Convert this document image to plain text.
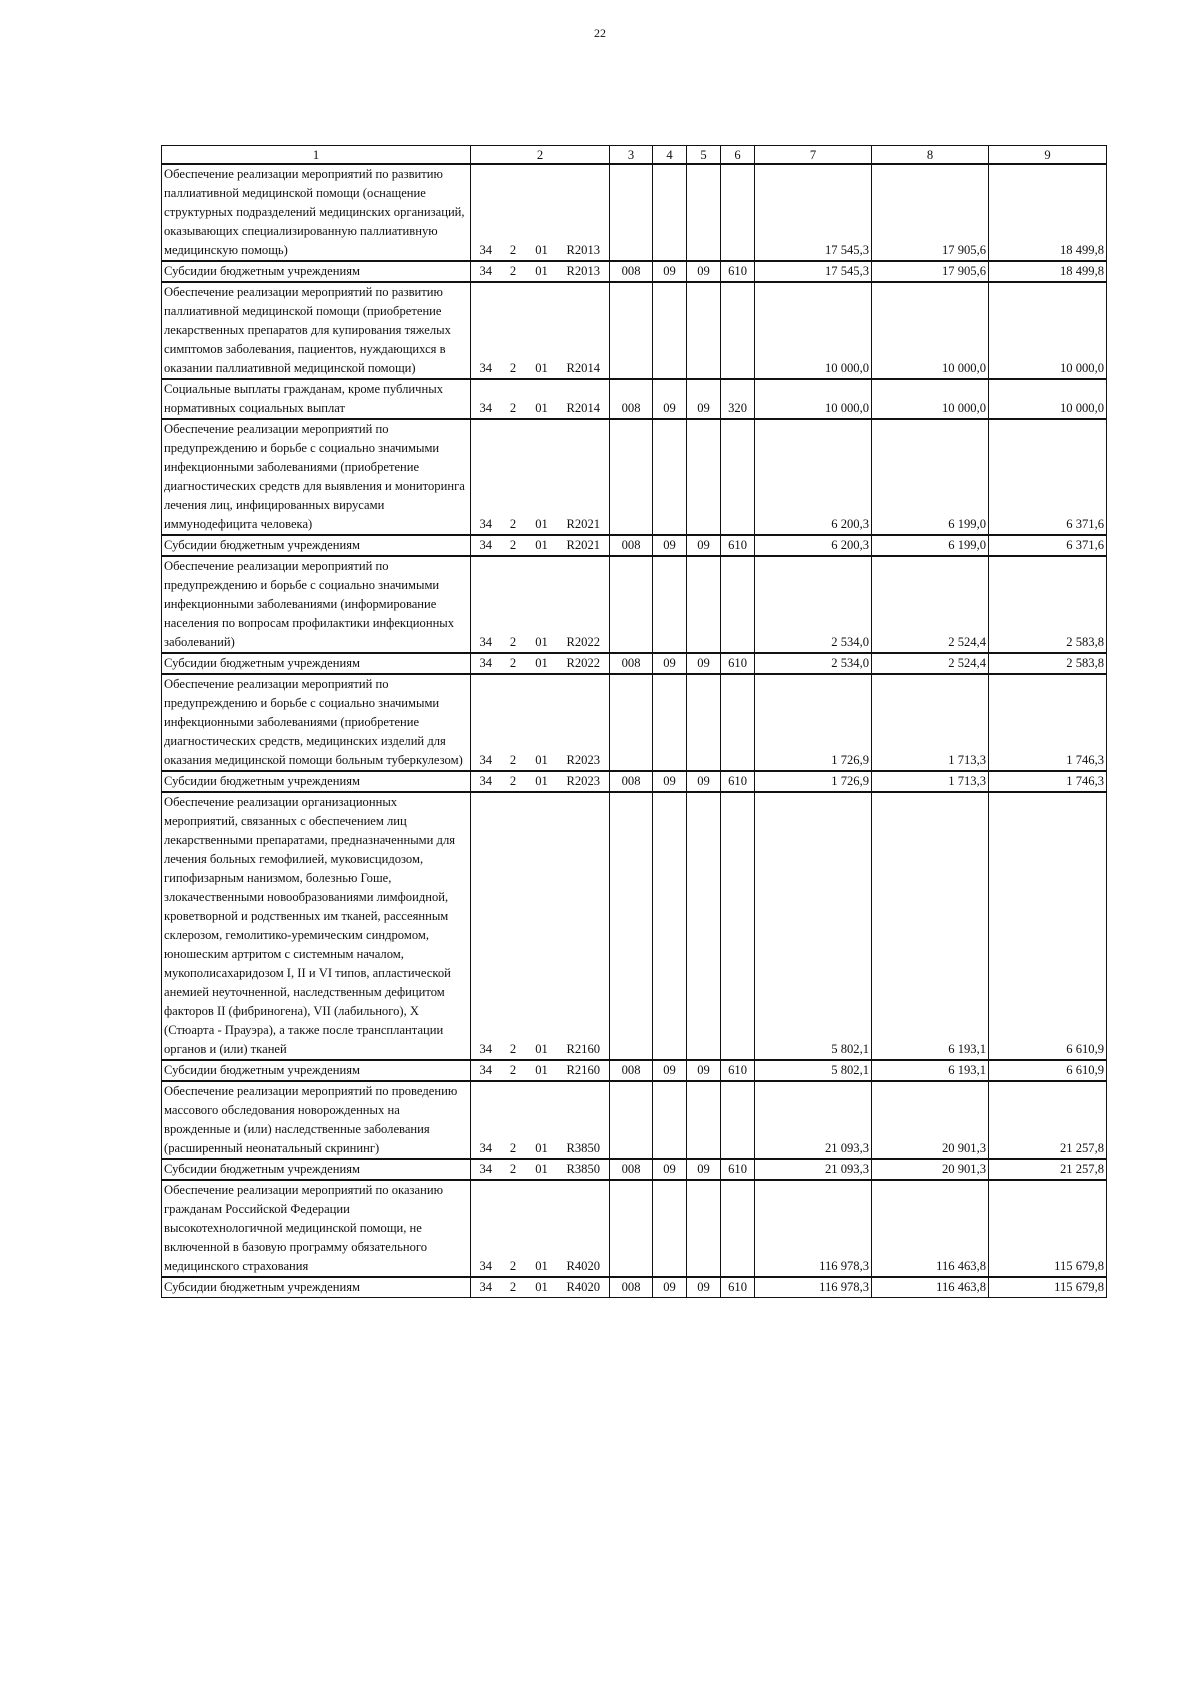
22
1	2				3	4	5	6	7	8	9
Обеспечение реализации мероприятий по развитию паллиативной медицинской помощи (оснащение структурных подразделений медицинских организаций, оказывающих специализированную паллиативную медицинскую помощь)	34	2	01	R2013					17 545,3	17 905,6	18 499,8
Субсидии бюджетным учреждениям	34	2	01	R2013	008	09	09	610	17 545,3	17 905,6	18 499,8
Обеспечение реализации мероприятий по развитию паллиативной медицинской помощи (приобретение лекарственных препаратов для купирования тяжелых симптомов заболевания, пациентов, нуждающихся в оказании паллиативной медицинской помощи)	34	2	01	R2014					10 000,0	10 000,0	10 000,0
Социальные выплаты гражданам, кроме публичных нормативных социальных выплат	34	2	01	R2014	008	09	09	320	10 000,0	10 000,0	10 000,0
Обеспечение реализации мероприятий по предупреждению и борьбе с социально значимыми инфекционными заболеваниями (приобретение диагностических средств для выявления и мониторинга лечения лиц, инфицированных вирусами иммунодефицита человека)	34	2	01	R2021					6 200,3	6 199,0	6 371,6
Субсидии бюджетным учреждениям	34	2	01	R2021	008	09	09	610	6 200,3	6 199,0	6 371,6
Обеспечение реализации мероприятий по предупреждению и борьбе с социально значимыми инфекционными заболеваниями (информирование населения по вопросам профилактики инфекционных заболеваний)	34	2	01	R2022					2 534,0	2 524,4	2 583,8
Субсидии бюджетным учреждениям	34	2	01	R2022	008	09	09	610	2 534,0	2 524,4	2 583,8
Обеспечение реализации мероприятий по предупреждению и борьбе с социально значимыми инфекционными заболеваниями (приобретение диагностических средств, медицинских изделий для оказания медицинской помощи больным туберкулезом)	34	2	01	R2023					1 726,9	1 713,3	1 746,3
Субсидии бюджетным учреждениям	34	2	01	R2023	008	09	09	610	1 726,9	1 713,3	1 746,3
Обеспечение реализации организационных мероприятий, связанных с обеспечением лиц лекарственными препаратами, предназначенными для лечения больных гемофилией, муковисцидозом, гипофизарным нанизмом, болезнью Гоше, злокачественными новообразованиями лимфоидной, кроветворной и родственных им тканей, рассеянным склерозом, гемолитико-уремическим синдромом, юношеским артритом с системным началом, мукополисахаридозом I, II и VI типов, апластической анемией неуточненной, наследственным дефицитом факторов II (фибриногена), VII (лабильного), X (Стюарта - Прауэра), а также после трансплантации органов и (или) тканей	34	2	01	R2160					5 802,1	6 193,1	6 610,9
Субсидии бюджетным учреждениям	34	2	01	R2160	008	09	09	610	5 802,1	6 193,1	6 610,9
Обеспечение реализации мероприятий по проведению массового обследования новорожденных на врожденные и (или) наследственные заболевания (расширенный неонатальный скрининг)	34	2	01	R3850					21 093,3	20 901,3	21 257,8
Субсидии бюджетным учреждениям	34	2	01	R3850	008	09	09	610	21 093,3	20 901,3	21 257,8
Обеспечение реализации мероприятий по оказанию гражданам Российской Федерации высокотехнологичной медицинской помощи, не включенной в базовую программу обязательного медицинского страхования	34	2	01	R4020					116 978,3	116 463,8	115 679,8
Субсидии бюджетным учреждениям	34	2	01	R4020	008	09	09	610	116 978,3	116 463,8	115 679,8
